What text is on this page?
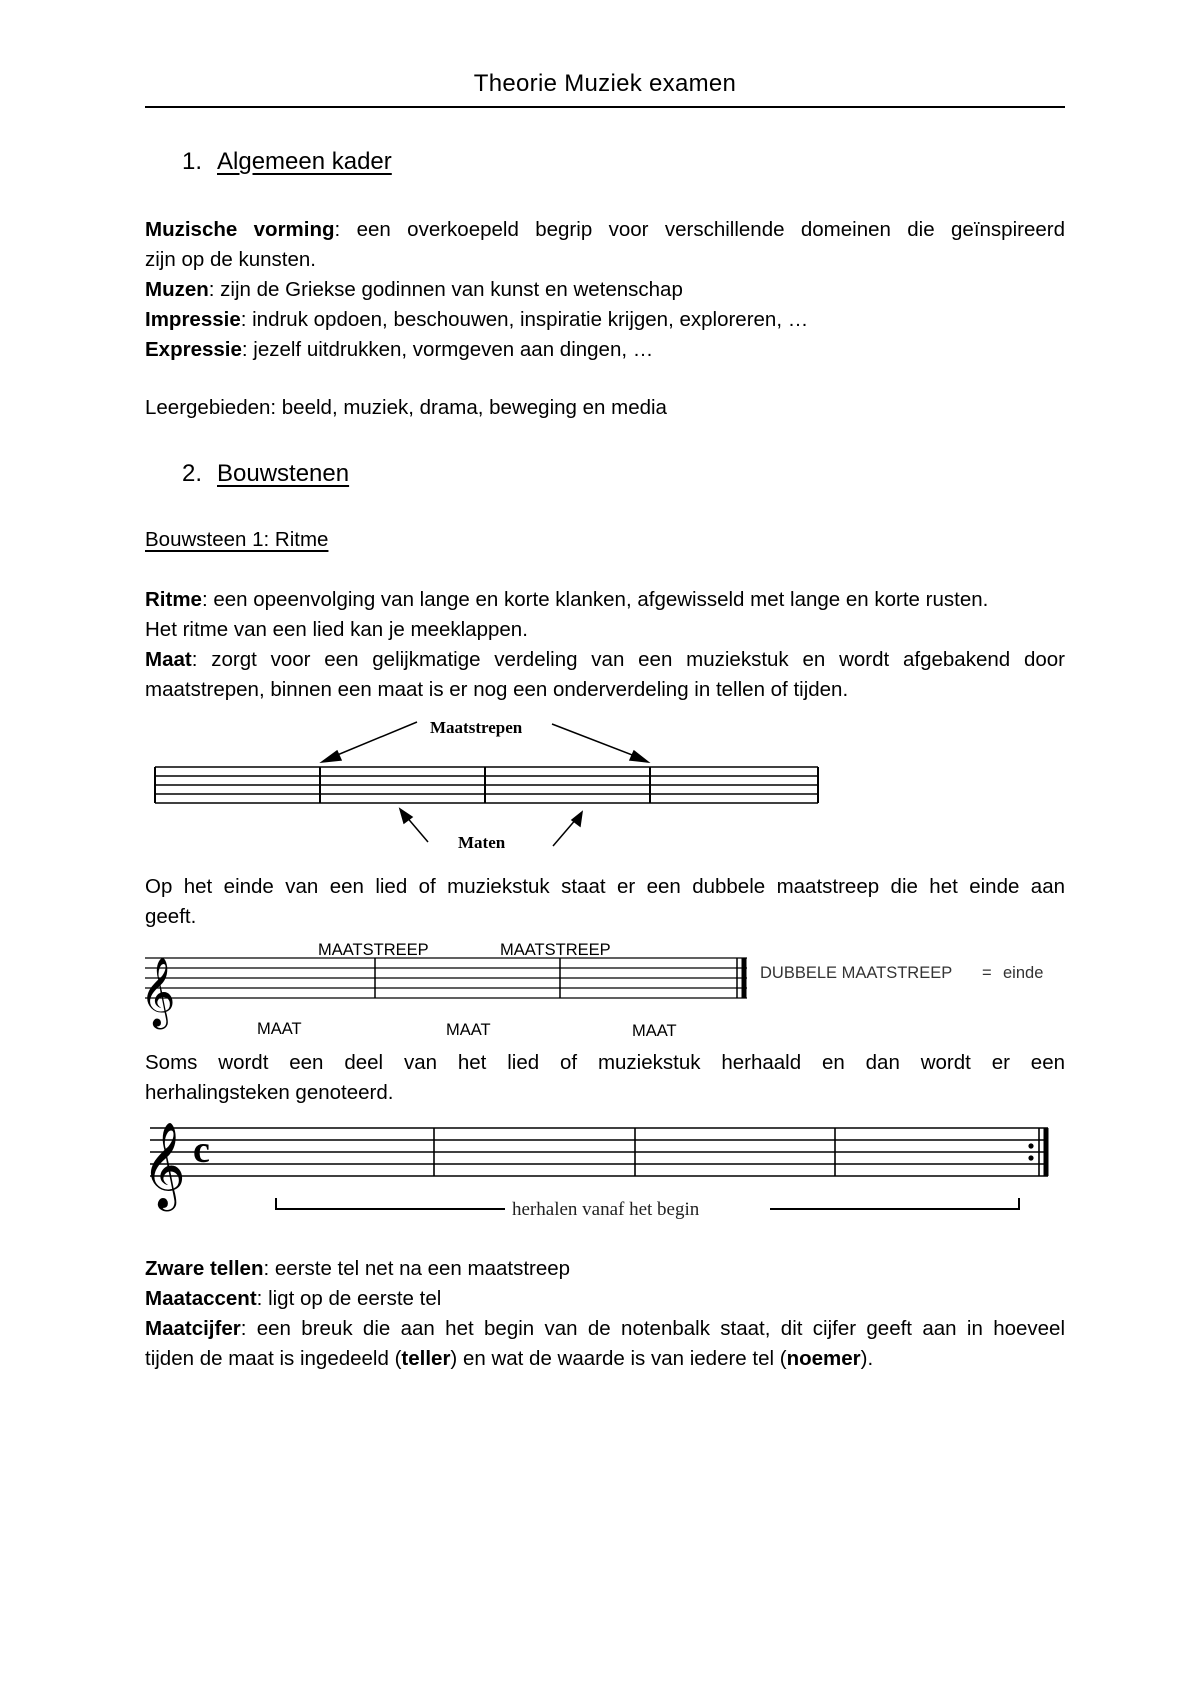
Theorie Muziek examen
1. Algemeen kader

Muzische vorming: een overkoepeld begrip voor verschillende domeinen die geïnspireerd

zijn op de kunsten.

Muzen: zijn de Griekse godinnen van kunst en wetenschap

Impressie: indruk opdoen, beschouwen, inspiratie krijgen, exploreren, …

Expressie: jezelf uitdrukken, vormgeven aan dingen, …

Leergebieden: beeld, muziek, drama, beweging en media
2. Bouwstenen
Bouwsteen 1: Ritme

Ritme: een opeenvolging van lange en korte klanken, afgewisseld met lange en korte rusten.

Het ritme van een lied kan je meeklappen.

Maat: zorgt voor een gelijkmatige verdeling van een muziekstuk en wordt afgebakend door

maatstrepen, binnen een maat is er nog een onderverdeling in tellen of tijden.

Maatstrepen
Maten

Op het einde van een lied of muziekstuk staat er een dubbele maatstreep die het einde aan

geeft.

𝄞
MAATSTREEP	MAATSTREEP
MAAT	MAAT	MAAT
DUBBELE MAATSTREEP = einde

Soms wordt een deel van het lied of muziekstuk herhaald en dan wordt er een

herhalingsteken genoteerd.

𝄞 c
herhalen vanaf het begin

Zware tellen: eerste tel net na een maatstreep

Maataccent: ligt op de eerste tel

Maatcijfer: een breuk die aan het begin van de notenbalk staat, dit cijfer geeft aan in hoeveel

tijden de maat is ingedeeld (teller) en wat de waarde is van iedere tel (noemer).
